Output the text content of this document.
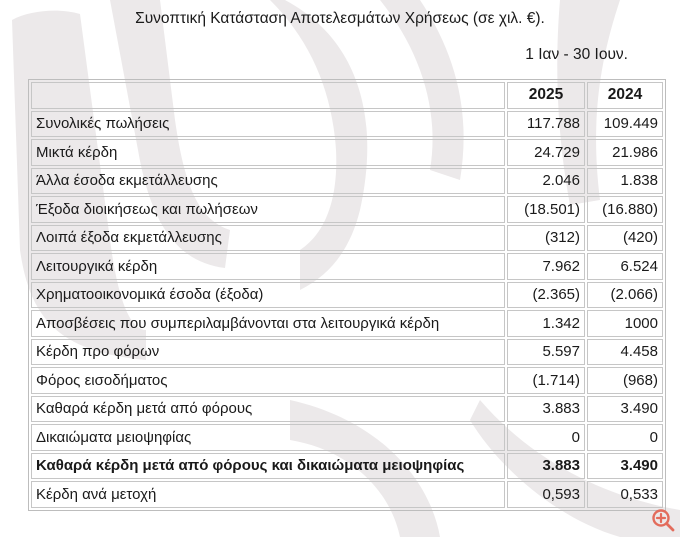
Συνοπτική Κατάσταση Αποτελεσμάτων Χρήσεως (σε χιλ. €).
1 Ιαν - 30 Ιουν.
	2025	2024
Συνολικές πωλήσεις	117.788	109.449
Μικτά κέρδη	24.729	21.986
Άλλα έσοδα εκμετάλλευσης	2.046	1.838
Έξοδα διοικήσεως και πωλήσεων	(18.501)	(16.880)
Λοιπά έξοδα εκμετάλλευσης	(312)	(420)
Λειτουργικά κέρδη	7.962	6.524
Χρηματοοικονομικά έσοδα (έξοδα)	(2.365)	(2.066)
Αποσβέσεις που συμπεριλαμβάνονται στα λειτουργικά κέρδη	1.342	1000
Κέρδη προ φόρων	5.597	4.458
Φόρος εισοδήματος	(1.714)	(968)
Καθαρά κέρδη μετά από φόρους	3.883	3.490
Δικαιώματα μειοψηφίας	0	0
Καθαρά κέρδη μετά από φόρους και δικαιώματα μειοψηφίας	3.883	3.490
Κέρδη ανά μετοχή	0,593	0,533
